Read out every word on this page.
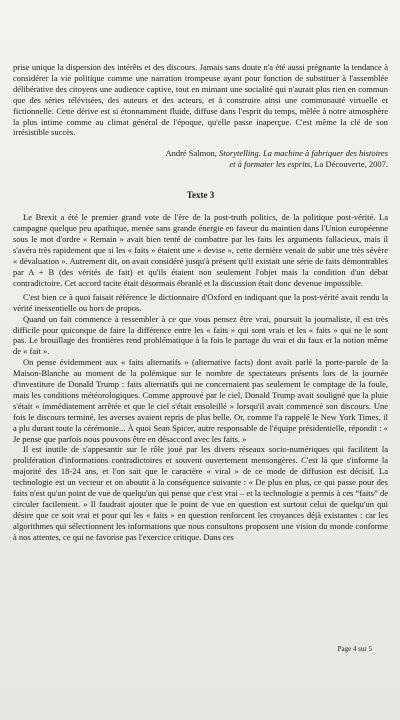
prise unique la dispersion des intérêts et des discours. Jamais sans doute n'a été aussi prégnante la tendance à considérer la vie politique comme une narration trompeuse ayant pour fonction de substituer à l'assemblée délibérative des citoyens une audience captive, tout en mimant une socialité qui n'aurait plus rien en commun que des séries télévisées, des auteurs et des acteurs, et à construire ainsi une communauté virtuelle et fictionnelle. Cette dérive est si étonnamment fluide, diffuse dans l'esprit du temps, mêlée à notre atmosphère la plus intime comme au climat général de l'époque, qu'elle passe inaperçue. C'est même la clé de son irrésistible succès.

André Salmon, Storytelling. La machine à fabriquer des histoires
et à formater les esprits, La Découverte, 2007.
Texte 3

Le Brexit a été le premier grand vote de l'ère de la post-truth politics, de la politique post-vérité. La campagne quelque peu apathique, menée sans grande énergie en faveur du maintien dans l'Union européenne sous le mot d'ordre « Remain » avait bien tenté de combattre par les faits les arguments fallacieux, mais il s'avéra très rapidement que si les « faits » étaient une « devise », cette dernière venait de subir une très sévère « dévaluation ». Autrement dit, on avait considéré jusqu'à présent qu'il existait une série de faits démontrables par A + B (des vérités de fait) et qu'ils étaient non seulement l'objet mais la condition d'un débat contradictoire. Cet accord tacite était désormais ébranlé et la discussion était donc devenue impossible.

C'est bien ce à quoi faisait référence le dictionnaire d'Oxford en indiquant que la post-vérité avait rendu la vérité inessentielle ou hors de propos.

Quand un fait commence à ressembler à ce que vous pensez être vrai, poursuit la journaliste, il est très difficile pour quiconque de faire la différence entre les « faits » qui sont vrais et les « faits » qui ne le sont pas. Le brouillage des frontières rend problématique à la fois le partage du vrai et du faux et la notion même de « fait ».

On pense évidemment aux « faits alternatifs » (alternative facts) dont avait parlé la porte-parole de la Maison-Blanche au moment de la polémique sur le nombre de spectateurs présents lors de la journée d'investiture de Donald Trump : faits alternatifs qui ne concernaient pas seulement le comptage de la foule, mais les conditions météorologiques. Comme approuvé par le ciel, Donald Trump avait souligné que la pluie s'était « immédiatement arrêtée et que le ciel s'était ensoleillé » lorsqu'il avait commencé son discours. Une fois le discours terminé, les averses avaient repris de plus belle. Or, comme l'a rappelé le New York Times, il a plu durant toute la cérémonie... À quoi Sean Spicer, autre responsable de l'équipe présidentielle, répondit : « Je pense que parfois nous pouvons être en désaccord avec les faits. »

Il est inutile de s'appesantir sur le rôle joué par les divers réseaux socio-numériques qui facilitent la prolifération d'informations contradictoires et souvent ouvertement mensongères. C'est là que s'informe la majorité des 18-24 ans, et l'on sait que le caractère « viral » de ce mode de diffusion est décisif. La technologie est un vecteur et on aboutit à la conséquence suivante : « De plus en plus, ce qui passe pour des faits n'est qu'un point de vue de quelqu'un qui pense que c'est vrai – et la technologie a permis à ces “faits” de circuler facilement. » Il faudrait ajouter que le point de vue en question est surtout celui de quelqu'un qui désire que ce soit vrai et pour qui les « faits » en question renforcent les croyances déjà existantes : car les algorithmes qui sélectionnent les informations que nous consultons proposent une vision du monde conforme à nos attentes, ce qui ne favorise pas l'exercice critique. Dans ces

Page 4 sur 5
